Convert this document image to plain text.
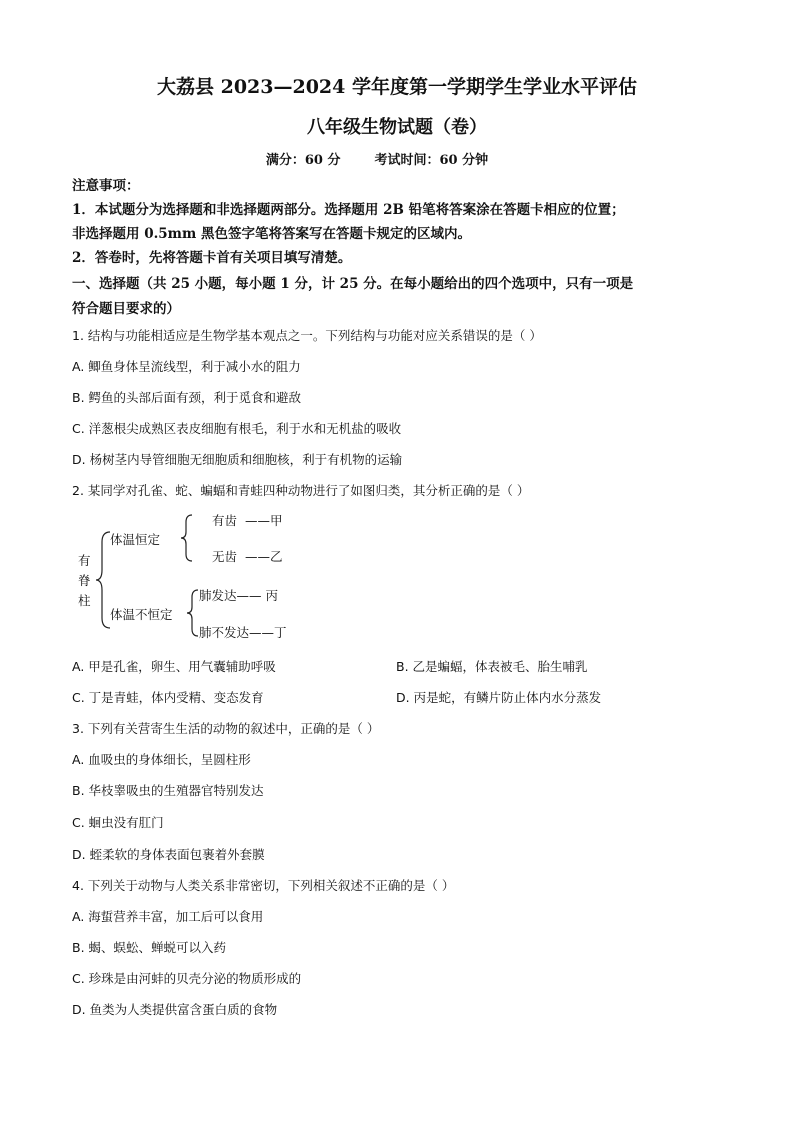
大荔县 2023—2024 学年度第一学期学生学业水平评估
八年级生物试题（卷）
满分：60 分	考试时间：60 分钟
注意事项：
1．本试题分为选择题和非选择题两部分。选择题用 2B 铅笔将答案涂在答题卡相应的位置；
非选择题用 0.5mm 黑色签字笔将答案写在答题卡规定的区域内。
2．答卷时，先将答题卡首有关项目填写清楚。
一、选择题（共 25 小题，每小题 1 分，计 25 分。在每小题给出的四个选项中，只有一项是
符合题目要求的）
1. 结构与功能相适应是生物学基本观点之一。下列结构与功能对应关系错误的是（ ）
A. 鲫鱼身体呈流线型，利于减小水的阻力
B. 鳄鱼的头部后面有颈，利于觅食和避敌
C. 洋葱根尖成熟区表皮细胞有根毛，利于水和无机盐的吸收
D. 杨树茎内导管细胞无细胞质和细胞核，利于有机物的运输
2. 某同学对孔雀、蛇、蝙蝠和青蛙四种动物进行了如图归类，其分析正确的是（ ）
有
脊
柱
体温恒定
体温不恒定
有齿 ——甲
无齿 ——乙
肺发达—— 丙
肺不发达——丁
A. 甲是孔雀，卵生、用气囊辅助呼吸	B. 乙是蝙蝠，体表被毛、胎生哺乳
C. 丁是青蛙，体内受精、变态发育	D. 丙是蛇，有鳞片防止体内水分蒸发
3. 下列有关营寄生生活的动物的叙述中，正确的是（ ）
A. 血吸虫的身体细长，呈圆柱形
B. 华枝睾吸虫的生殖器官特别发达
C. 蛔虫没有肛门
D. 蛭柔软的身体表面包裹着外套膜
4. 下列关于动物与人类关系非常密切，下列相关叙述不正确的是（ ）
A. 海蜇营养丰富，加工后可以食用
B. 蝎、蜈蚣、蝉蜕可以入药
C. 珍珠是由河蚌的贝壳分泌的物质形成的
D. 鱼类为人类提供富含蛋白质的食物
